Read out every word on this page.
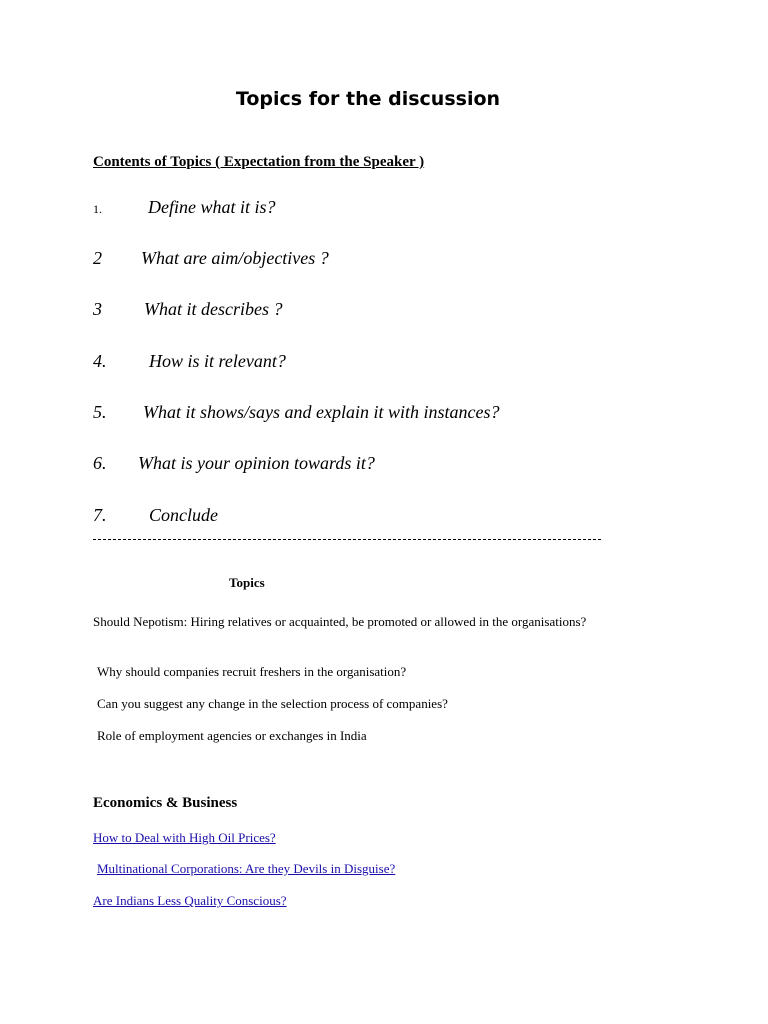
Topics for the discussion
Contents of Topics ( Expectation from the Speaker )
1.	Define what it is?
2 What are aim/objectives ?
3 What it describes ?
4. How is it relevant?
5. What it shows/says and explain it with instances?
6. What is your opinion towards it?
7. Conclude
Topics
Should Nepotism: Hiring relatives or acquainted, be promoted or allowed in the organisations?
Why should companies recruit freshers in the organisation?
Can you suggest any change in the selection process of companies?
Role of employment agencies or exchanges in India
Economics & Business
How to Deal with High Oil Prices?
Multinational Corporations: Are they Devils in Disguise?
Are Indians Less Quality Conscious?
